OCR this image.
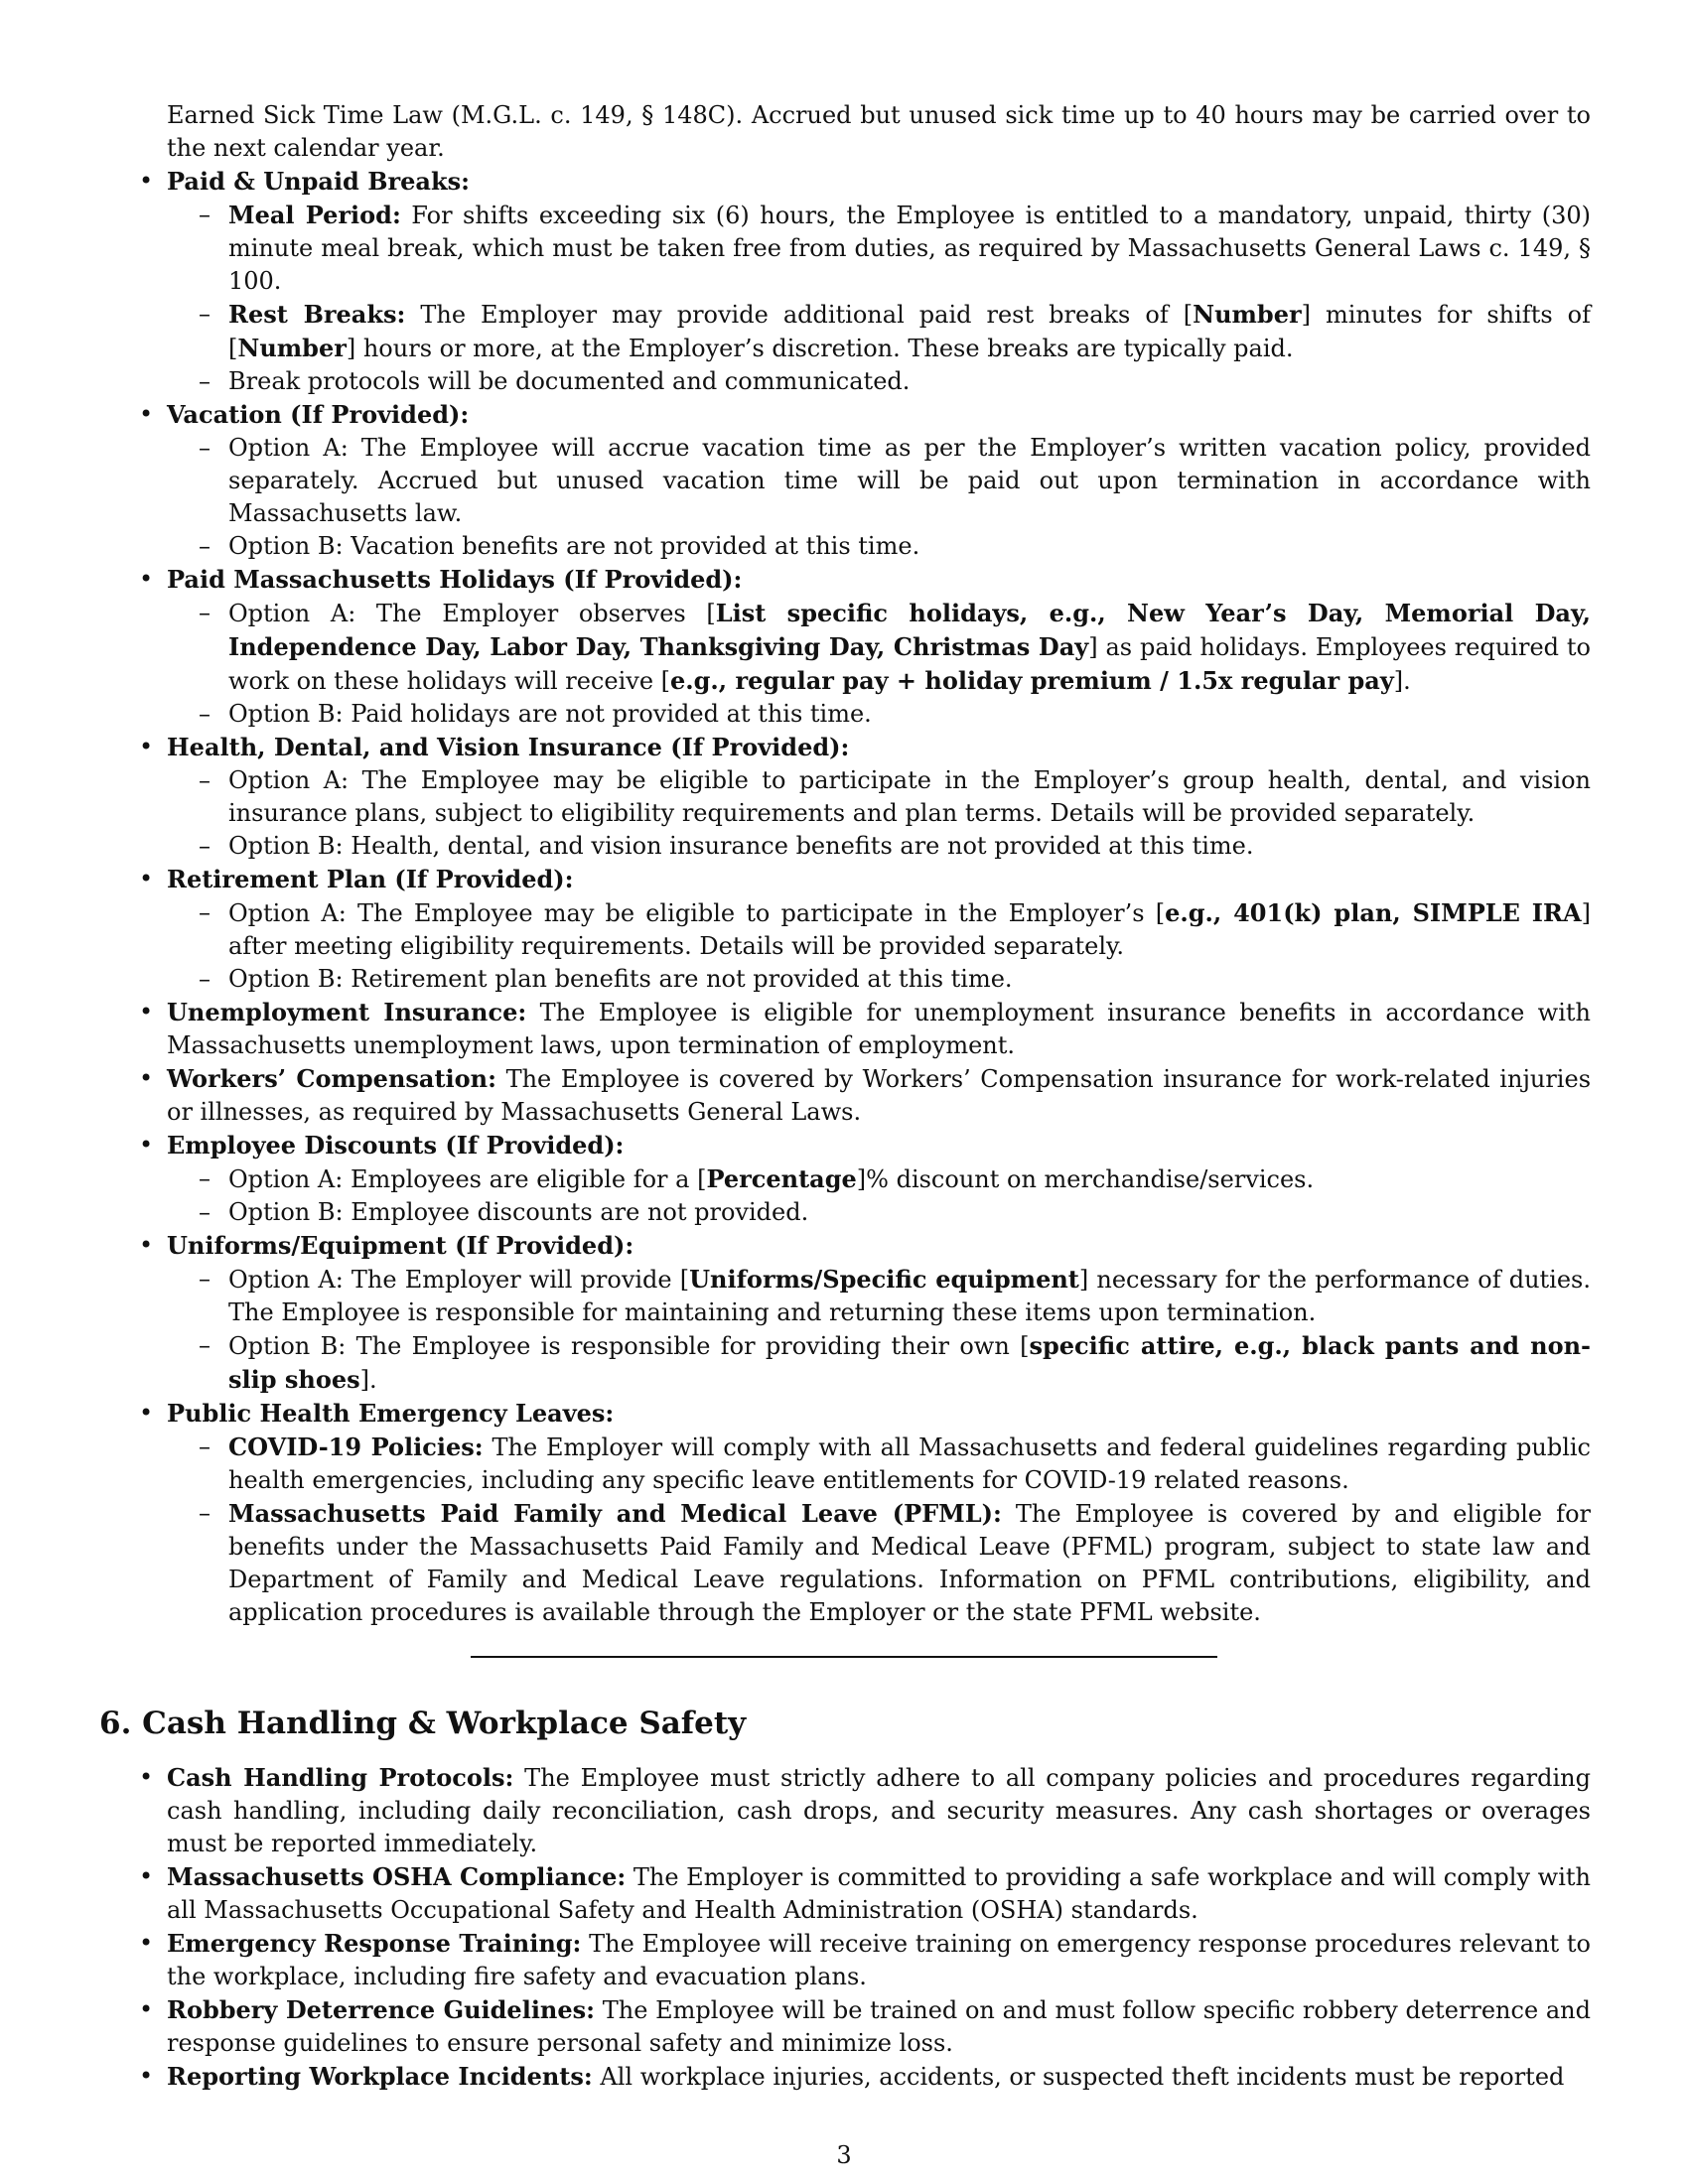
Earned Sick Time Law (M.G.L. c. 149, § 148C). Accrued but unused sick time up to 40 hours may be carried over to the next calendar year.

• Paid & Unpaid Breaks:
– Meal Period: For shifts exceeding six (6) hours, the Employee is entitled to a mandatory, unpaid, thirty (30) minute meal break, which must be taken free from duties, as required by Massachusetts General Laws c. 149, § 100.
– Rest Breaks: The Employer may provide additional paid rest breaks of [Number] minutes for shifts of [Number] hours or more, at the Employer’s discretion. These breaks are typically paid.
– Break protocols will be documented and communicated.
• Vacation (If Provided):
– Option A: The Employee will accrue vacation time as per the Employer’s written vacation policy, provided separately. Accrued but unused vacation time will be paid out upon termination in accordance with Massachusetts law.
– Option B: Vacation benefits are not provided at this time.
• Paid Massachusetts Holidays (If Provided):
– Option A: The Employer observes [List specific holidays, e.g., New Year’s Day, Memorial Day, Independence Day, Labor Day, Thanksgiving Day, Christmas Day] as paid holidays. Employees required to work on these holidays will receive [e.g., regular pay + holiday premium / 1.5x regular pay].
– Option B: Paid holidays are not provided at this time.
• Health, Dental, and Vision Insurance (If Provided):
– Option A: The Employee may be eligible to participate in the Employer’s group health, dental, and vision insurance plans, subject to eligibility requirements and plan terms. Details will be provided separately.
– Option B: Health, dental, and vision insurance benefits are not provided at this time.
• Retirement Plan (If Provided):
– Option A: The Employee may be eligible to participate in the Employer’s [e.g., 401(k) plan, SIMPLE IRA] after meeting eligibility requirements. Details will be provided separately.
– Option B: Retirement plan benefits are not provided at this time.
• Unemployment Insurance: The Employee is eligible for unemployment insurance benefits in accordance with Massachusetts unemployment laws, upon termination of employment.
• Workers’ Compensation: The Employee is covered by Workers’ Compensation insurance for work-related injuries or illnesses, as required by Massachusetts General Laws.
• Employee Discounts (If Provided):
– Option A: Employees are eligible for a [Percentage]% discount on merchandise/services.
– Option B: Employee discounts are not provided.
• Uniforms/Equipment (If Provided):
– Option A: The Employer will provide [Uniforms/Specific equipment] necessary for the performance of duties. The Employee is responsible for maintaining and returning these items upon termination.
– Option B: The Employee is responsible for providing their own [specific attire, e.g., black pants and non-slip shoes].
• Public Health Emergency Leaves:
– COVID-19 Policies: The Employer will comply with all Massachusetts and federal guidelines regarding public health emergencies, including any specific leave entitlements for COVID-19 related reasons.
– Massachusetts Paid Family and Medical Leave (PFML): The Employee is covered by and eligible for benefits under the Massachusetts Paid Family and Medical Leave (PFML) program, subject to state law and Department of Family and Medical Leave regulations. Information on PFML contributions, eligibility, and application procedures is available through the Employer or the state PFML website.
6. Cash Handling & Workplace Safety
• Cash Handling Protocols: The Employee must strictly adhere to all company policies and procedures regarding cash handling, including daily reconciliation, cash drops, and security measures. Any cash shortages or overages must be reported immediately.
• Massachusetts OSHA Compliance: The Employer is committed to providing a safe workplace and will comply with all Massachusetts Occupational Safety and Health Administration (OSHA) standards.
• Emergency Response Training: The Employee will receive training on emergency response procedures relevant to the workplace, including fire safety and evacuation plans.
• Robbery Deterrence Guidelines: The Employee will be trained on and must follow specific robbery deterrence and response guidelines to ensure personal safety and minimize loss.
• Reporting Workplace Incidents: All workplace injuries, accidents, or suspected theft incidents must be reported
3
